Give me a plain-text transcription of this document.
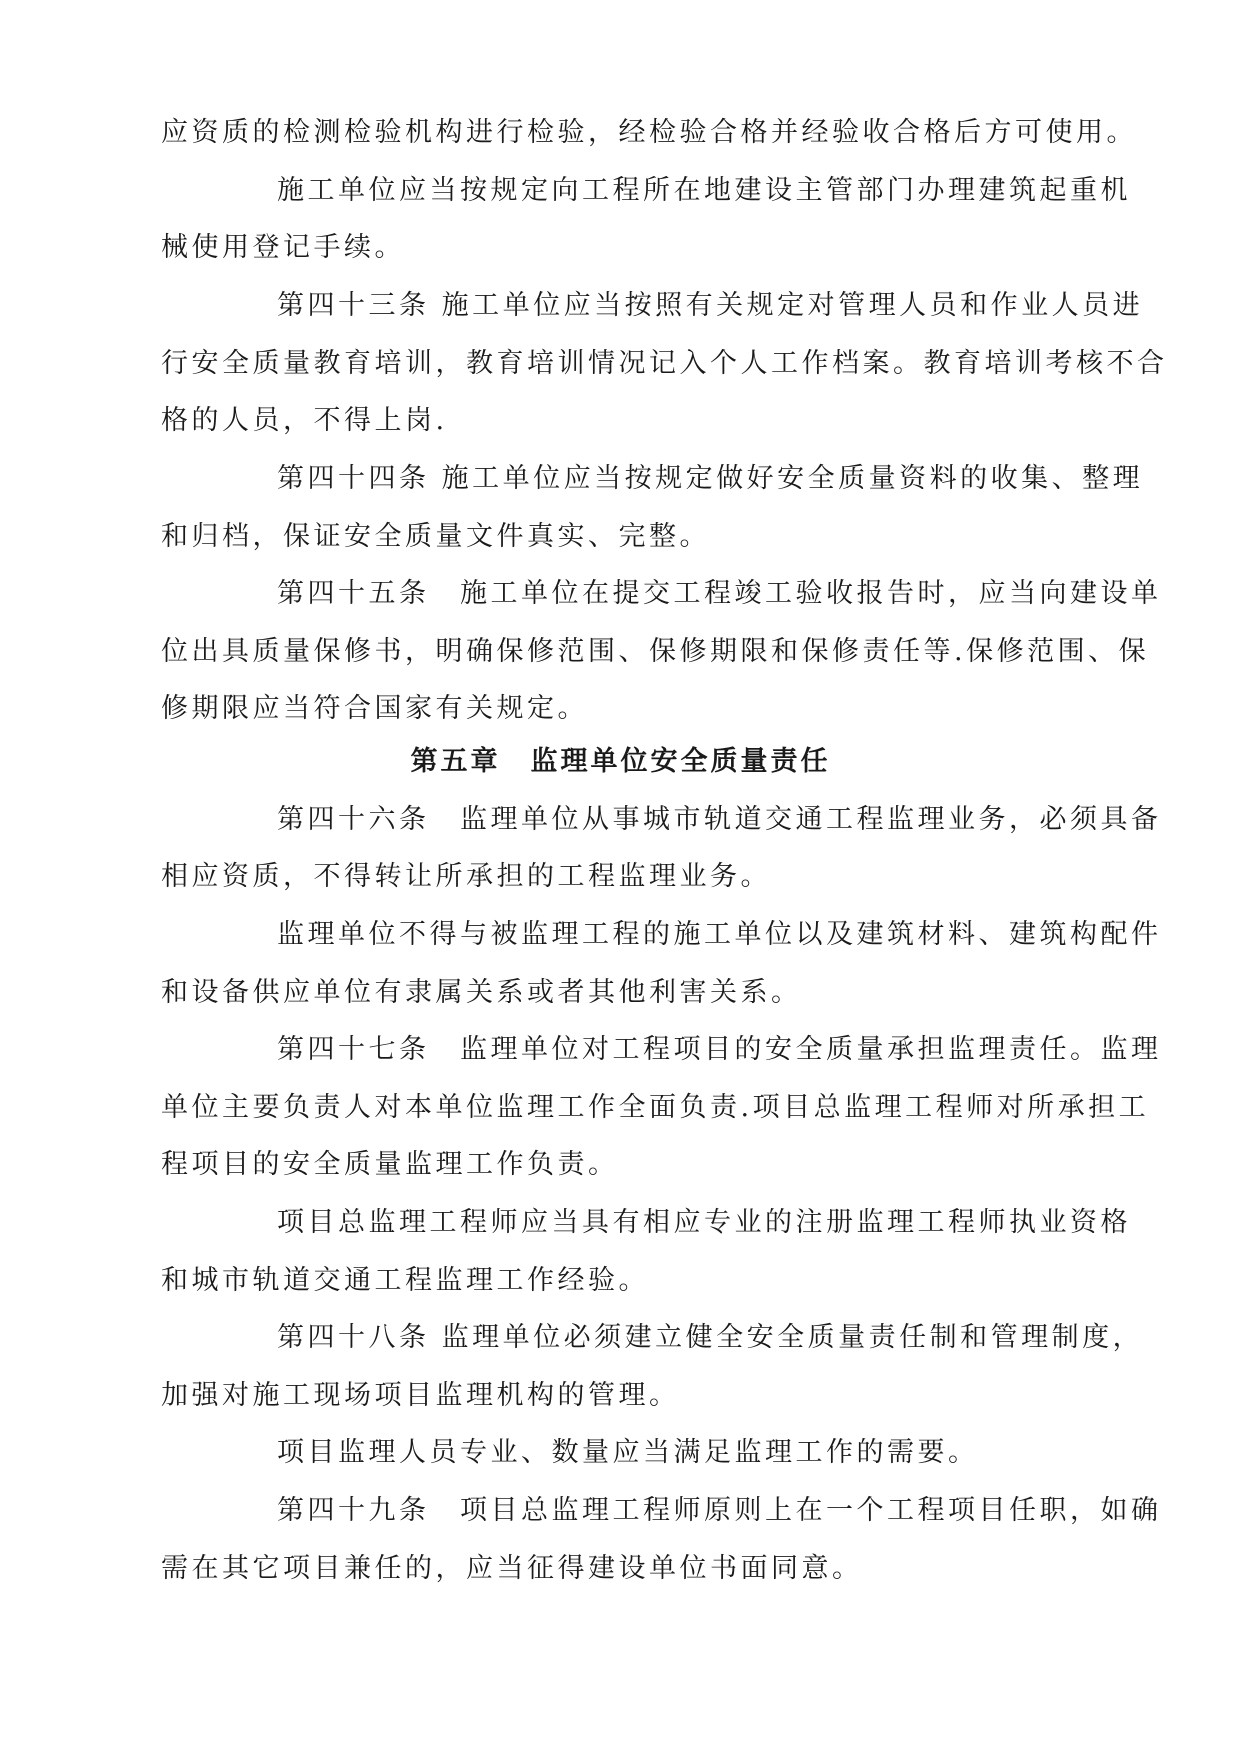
应资质的检测检验机构进行检验，经检验合格并经验收合格后方可使用。
施工单位应当按规定向工程所在地建设主管部门办理建筑起重机
械使用登记手续。
第四十三条 施工单位应当按照有关规定对管理人员和作业人员进
行安全质量教育培训，教育培训情况记入个人工作档案。教育培训考核不合
格的人员，不得上岗.
第四十四条 施工单位应当按规定做好安全质量资料的收集、整理
和归档，保证安全质量文件真实、完整。
第四十五条　施工单位在提交工程竣工验收报告时，应当向建设单
位出具质量保修书，明确保修范围、保修期限和保修责任等.保修范围、保
修期限应当符合国家有关规定。
第五章　监理单位安全质量责任
第四十六条　监理单位从事城市轨道交通工程监理业务，必须具备
相应资质，不得转让所承担的工程监理业务。
监理单位不得与被监理工程的施工单位以及建筑材料、建筑构配件
和设备供应单位有隶属关系或者其他利害关系。
第四十七条　监理单位对工程项目的安全质量承担监理责任。监理
单位主要负责人对本单位监理工作全面负责.项目总监理工程师对所承担工
程项目的安全质量监理工作负责。
项目总监理工程师应当具有相应专业的注册监理工程师执业资格
和城市轨道交通工程监理工作经验。
第四十八条 监理单位必须建立健全安全质量责任制和管理制度，
加强对施工现场项目监理机构的管理。
项目监理人员专业、数量应当满足监理工作的需要。
第四十九条　项目总监理工程师原则上在一个工程项目任职，如确
需在其它项目兼任的，应当征得建设单位书面同意。
